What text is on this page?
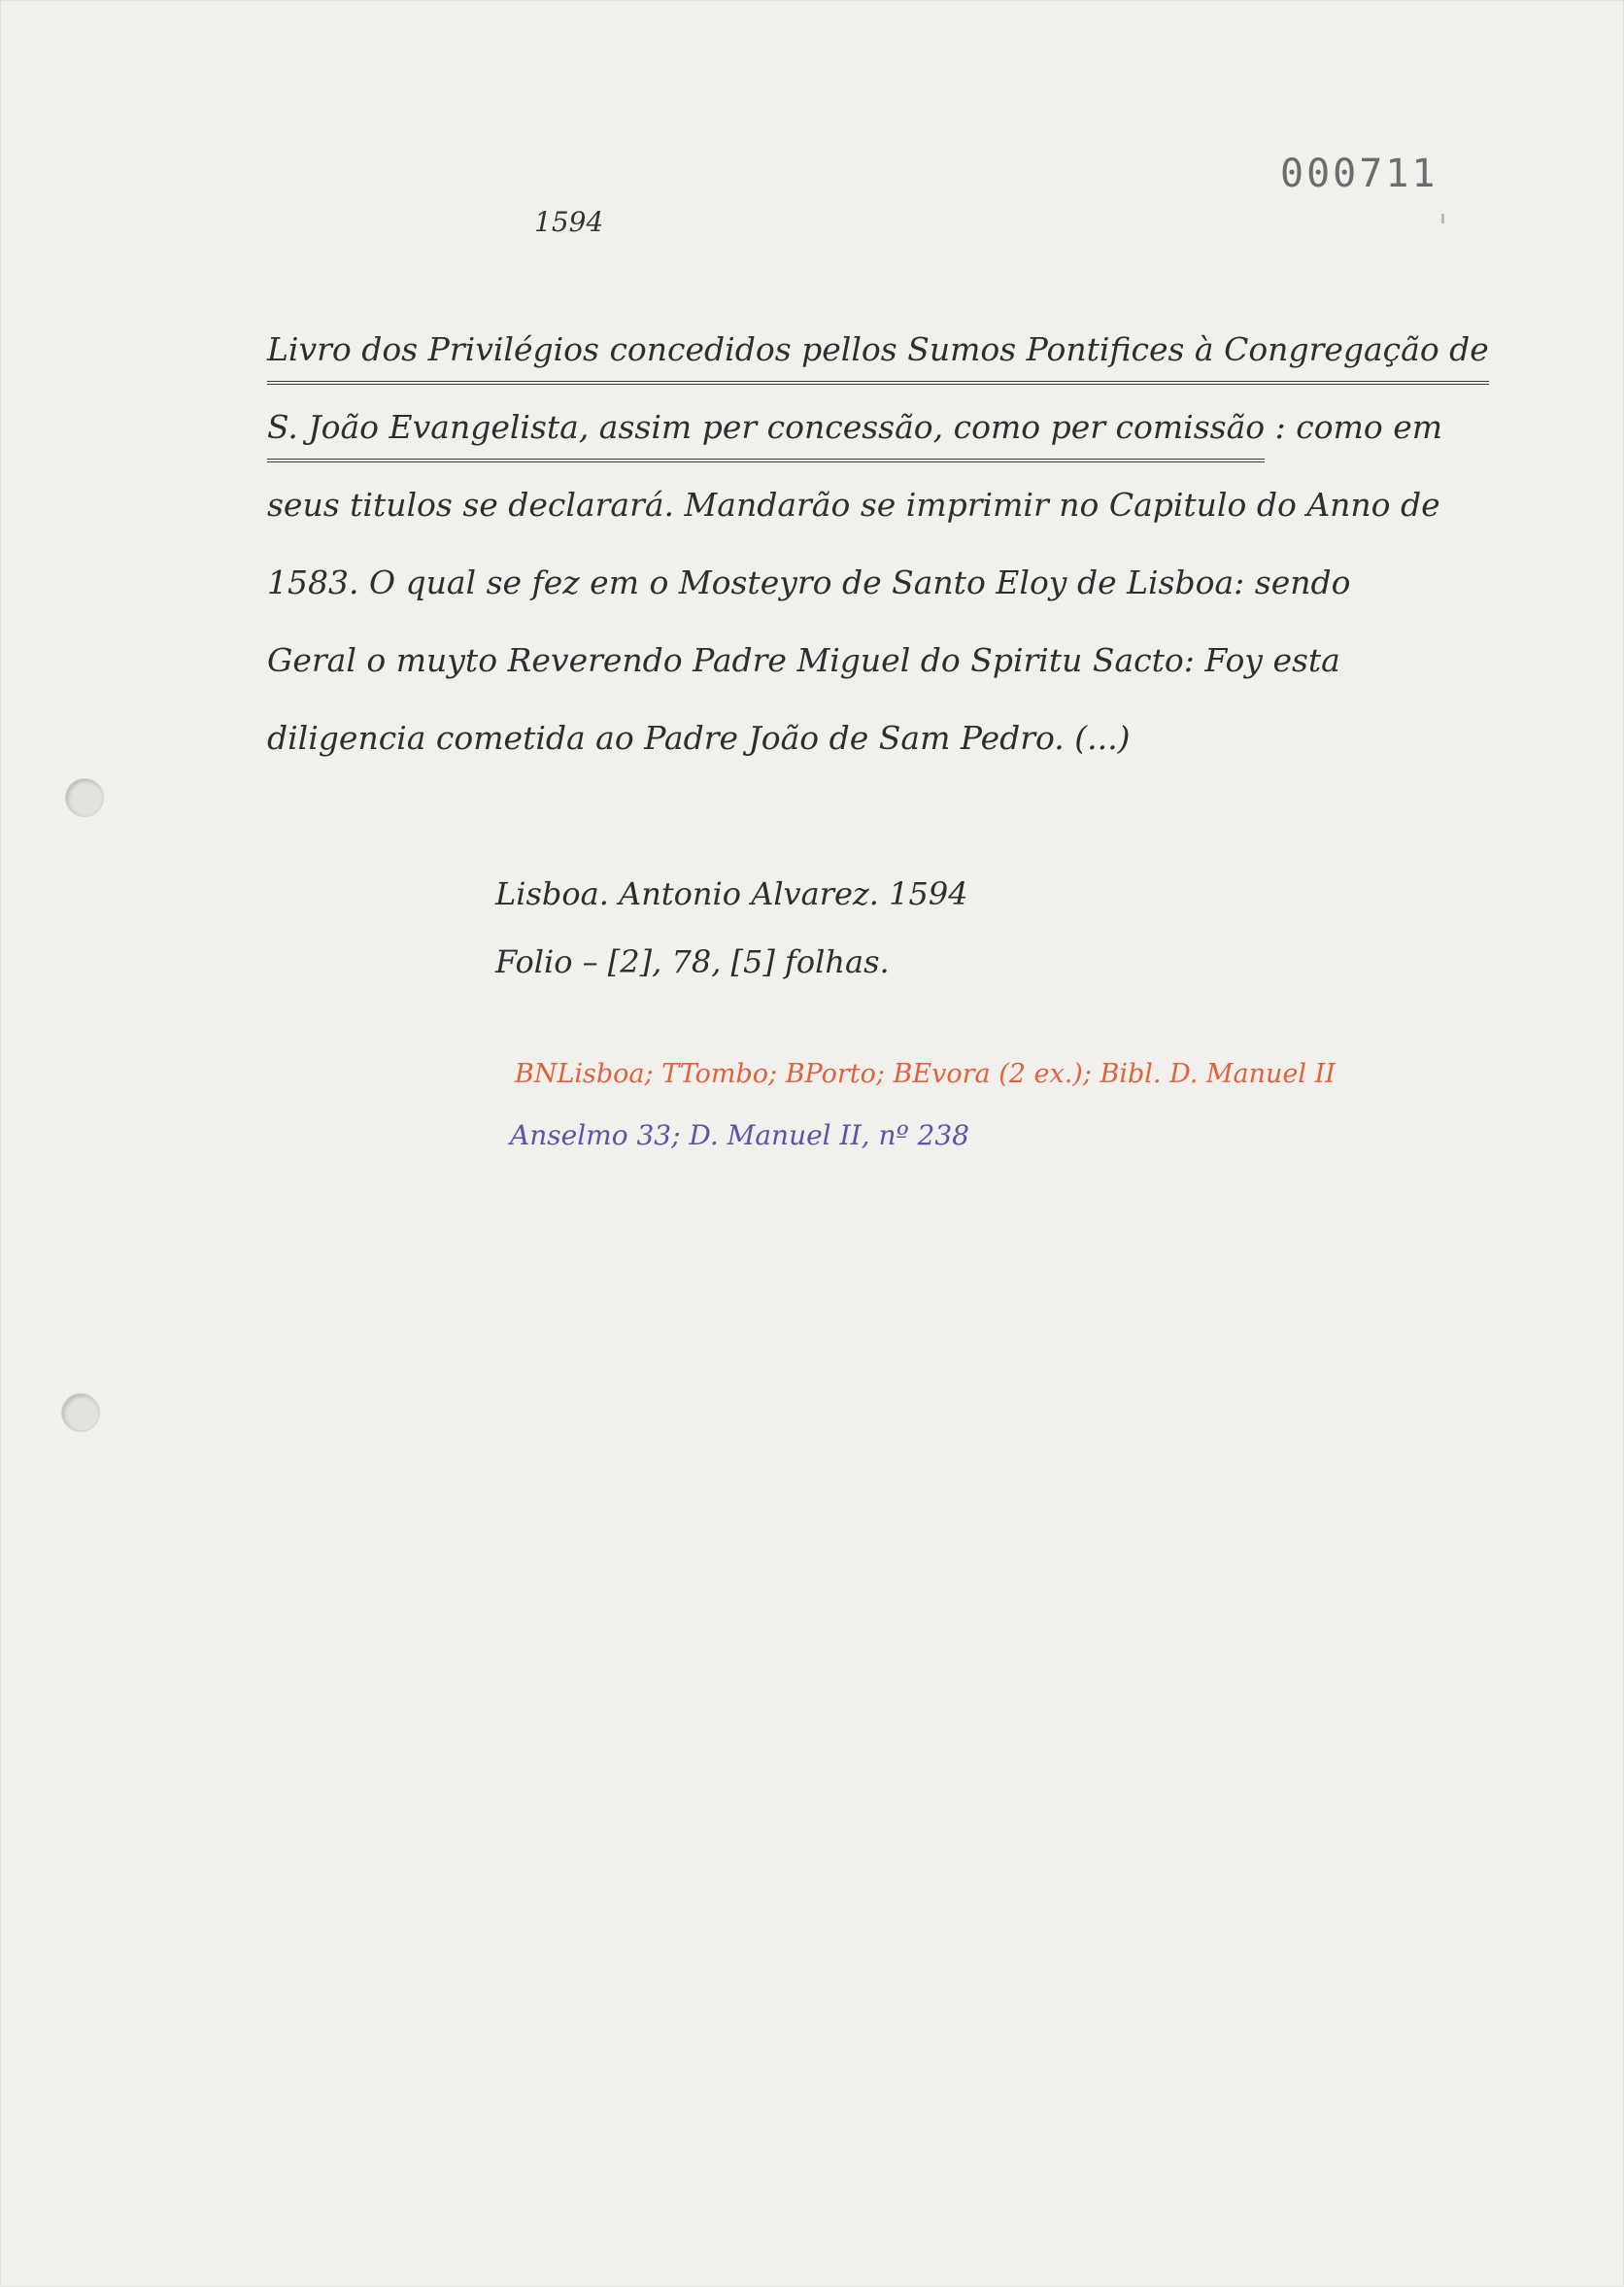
000711
1594
Livro dos Privilégios concedidos pellos Sumos Pontifices à Congregação de
S. João Evangelista, assim per concessão, como per comissão : como em
seus titulos se declarará. Mandarão se imprimir no Capitulo do Anno de
1583. O qual se fez em o Mosteyro de Santo Eloy de Lisboa: sendo
Geral o muyto Reverendo Padre Miguel do Spiritu Sacto: Foy esta
diligencia cometida ao Padre João de Sam Pedro. (...)
Lisboa. Antonio Alvarez. 1594
Folio – [2], 78, [5] folhas.
BNLisboa; TTombo; BPorto; BEvora (2 ex.); Bibl. D. Manuel II
Anselmo 33; D. Manuel II, nº 238
